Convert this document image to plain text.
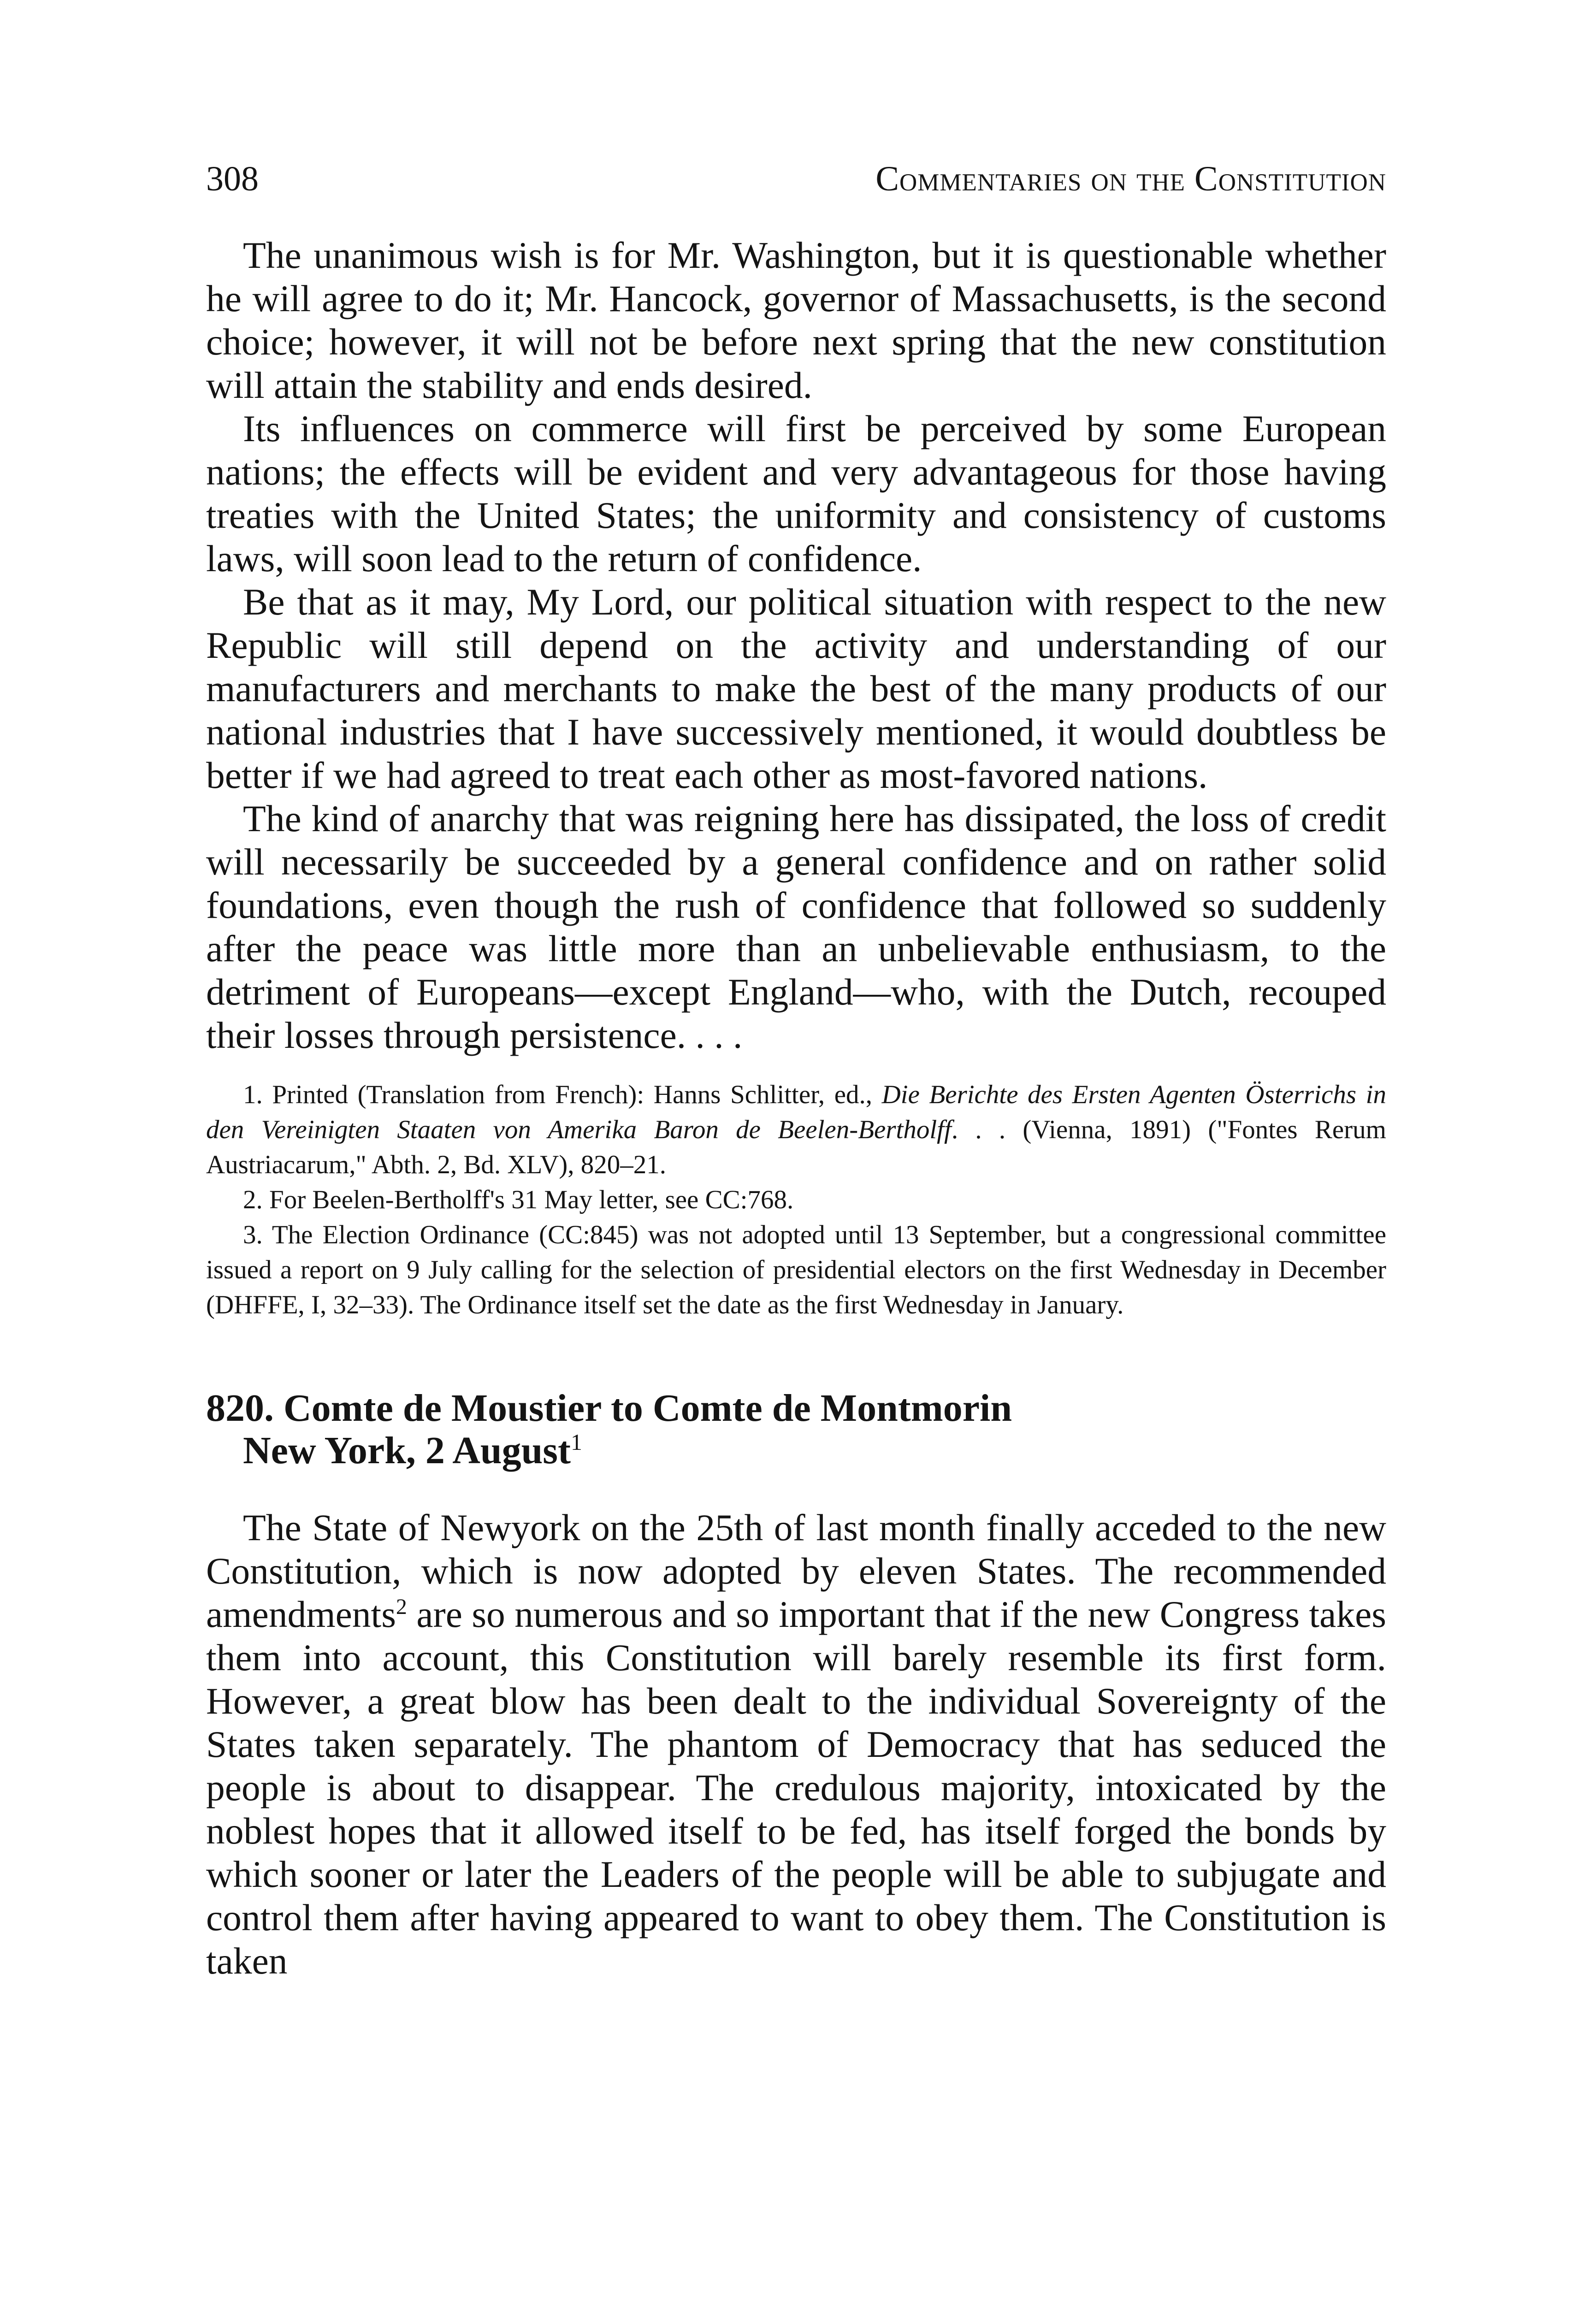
308	Commentaries on the Constitution

The unanimous wish is for Mr. Washington, but it is questionable whether he will agree to do it; Mr. Hancock, governor of Massachusetts, is the second choice; however, it will not be before next spring that the new constitution will attain the stability and ends desired.

Its influences on commerce will first be perceived by some European nations; the effects will be evident and very advantageous for those having treaties with the United States; the uniformity and consistency of customs laws, will soon lead to the return of confidence.

Be that as it may, My Lord, our political situation with respect to the new Republic will still depend on the activity and understanding of our manufacturers and merchants to make the best of the many products of our national industries that I have successively mentioned, it would doubtless be better if we had agreed to treat each other as most-favored nations.

The kind of anarchy that was reigning here has dissipated, the loss of credit will necessarily be succeeded by a general confidence and on rather solid foundations, even though the rush of confidence that followed so suddenly after the peace was little more than an unbelievable enthusiasm, to the detriment of Europeans—except England—who, with the Dutch, recouped their losses through persistence. . . .

1. Printed (Translation from French): Hanns Schlitter, ed., Die Berichte des Ersten Agenten Österrichs in den Vereinigten Staaten von Amerika Baron de Beelen-Bertholff. . . (Vienna, 1891) ("Fontes Rerum Austriacarum," Abth. 2, Bd. XLV), 820–21.

2. For Beelen-Bertholff's 31 May letter, see CC:768.

3. The Election Ordinance (CC:845) was not adopted until 13 September, but a congressional committee issued a report on 9 July calling for the selection of presidential electors on the first Wednesday in December (DHFFE, I, 32–33). The Ordinance itself set the date as the first Wednesday in January.

820. Comte de Moustier to Comte de Montmorin
New York, 2 August$^1$

The State of Newyork on the 25th of last month finally acceded to the new Constitution, which is now adopted by eleven States. The recommended amendments$^2$ are so numerous and so important that if the new Congress takes them into account, this Constitution will barely resemble its first form. However, a great blow has been dealt to the individual Sovereignty of the States taken separately. The phantom of Democracy that has seduced the people is about to disappear. The credulous majority, intoxicated by the noblest hopes that it allowed itself to be fed, has itself forged the bonds by which sooner or later the Leaders of the people will be able to subjugate and control them after having appeared to want to obey them. The Constitution is taken
